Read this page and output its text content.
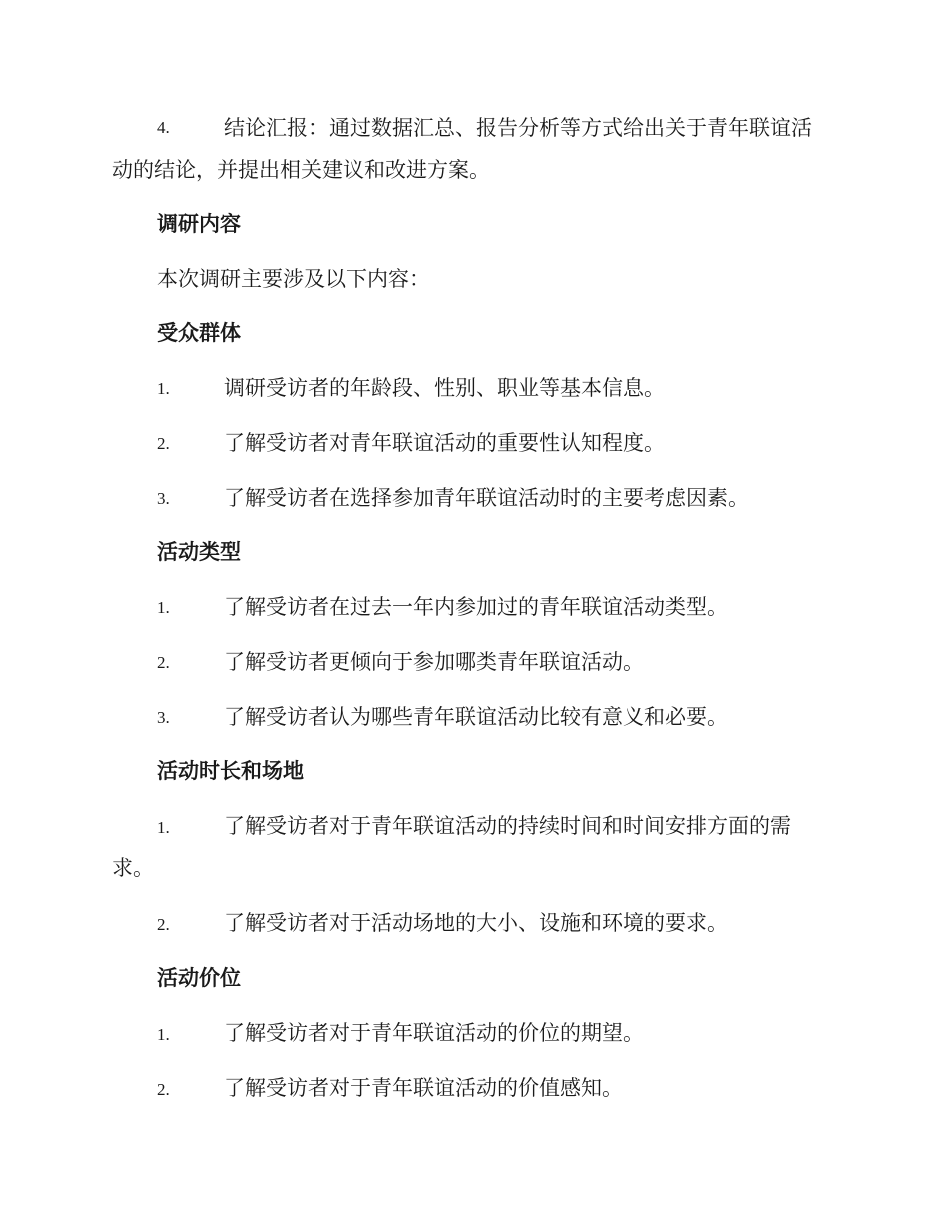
4.	结论汇报：通过数据汇总、报告分析等方式给出关于青年联谊活
动的结论，并提出相关建议和改进方案。
调研内容
本次调研主要涉及以下内容：
受众群体
1.	调研受访者的年龄段、性别、职业等基本信息。
2.	了解受访者对青年联谊活动的重要性认知程度。
3.	了解受访者在选择参加青年联谊活动时的主要考虑因素。
活动类型
1.	了解受访者在过去一年内参加过的青年联谊活动类型。
2.	了解受访者更倾向于参加哪类青年联谊活动。
3.	了解受访者认为哪些青年联谊活动比较有意义和必要。
活动时长和场地
1.	了解受访者对于青年联谊活动的持续时间和时间安排方面的需
求。
2.	了解受访者对于活动场地的大小、设施和环境的要求。
活动价位
1.	了解受访者对于青年联谊活动的价位的期望。
2.	了解受访者对于青年联谊活动的价值感知。
